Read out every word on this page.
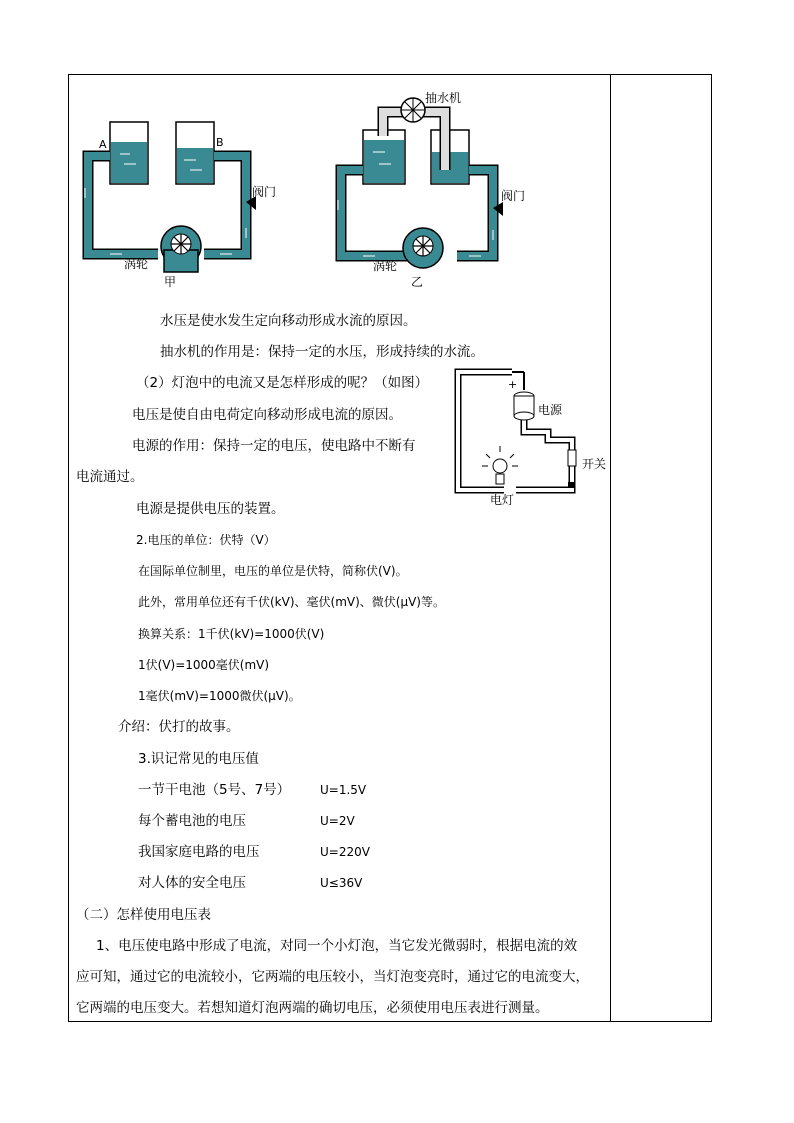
A	B
阀门
涡轮
甲
抽水机
阀门
涡轮
乙
+
电源
开关
电灯
水压是使水发生定向移动形成水流的原因。
抽水机的作用是：保持一定的水压，形成持续的水流。
（2）灯泡中的电流又是怎样形成的呢？（如图）
电压是使自由电荷定向移动形成电流的原因。
电源的作用：保持一定的电压，使电路中不断有
电流通过。
电源是提供电压的装置。
2.电压的单位：伏特（V）
在国际单位制里，电压的单位是伏特，简称伏(V)。
此外，常用单位还有千伏(kV)、毫伏(mV)、微伏(μV)等。
换算关系：1千伏(kV)=1000伏(V)
1伏(V)=1000毫伏(mV)
1毫伏(mV)=1000微伏(μV)。
介绍：伏打的故事。
3.识记常见的电压值
一节干电池（5号、7号） U=1.5V
每个蓄电池的电压	U=2V
我国家庭电路的电压	U=220V
对人体的安全电压	U≤36V
（二）怎样使用电压表
1、电压使电路中形成了电流，对同一个小灯泡，当它发光微弱时，根据电流的效
应可知，通过它的电流较小，它两端的电压较小，当灯泡变亮时，通过它的电流变大，
它两端的电压变大。若想知道灯泡两端的确切电压，必须使用电压表进行测量。
